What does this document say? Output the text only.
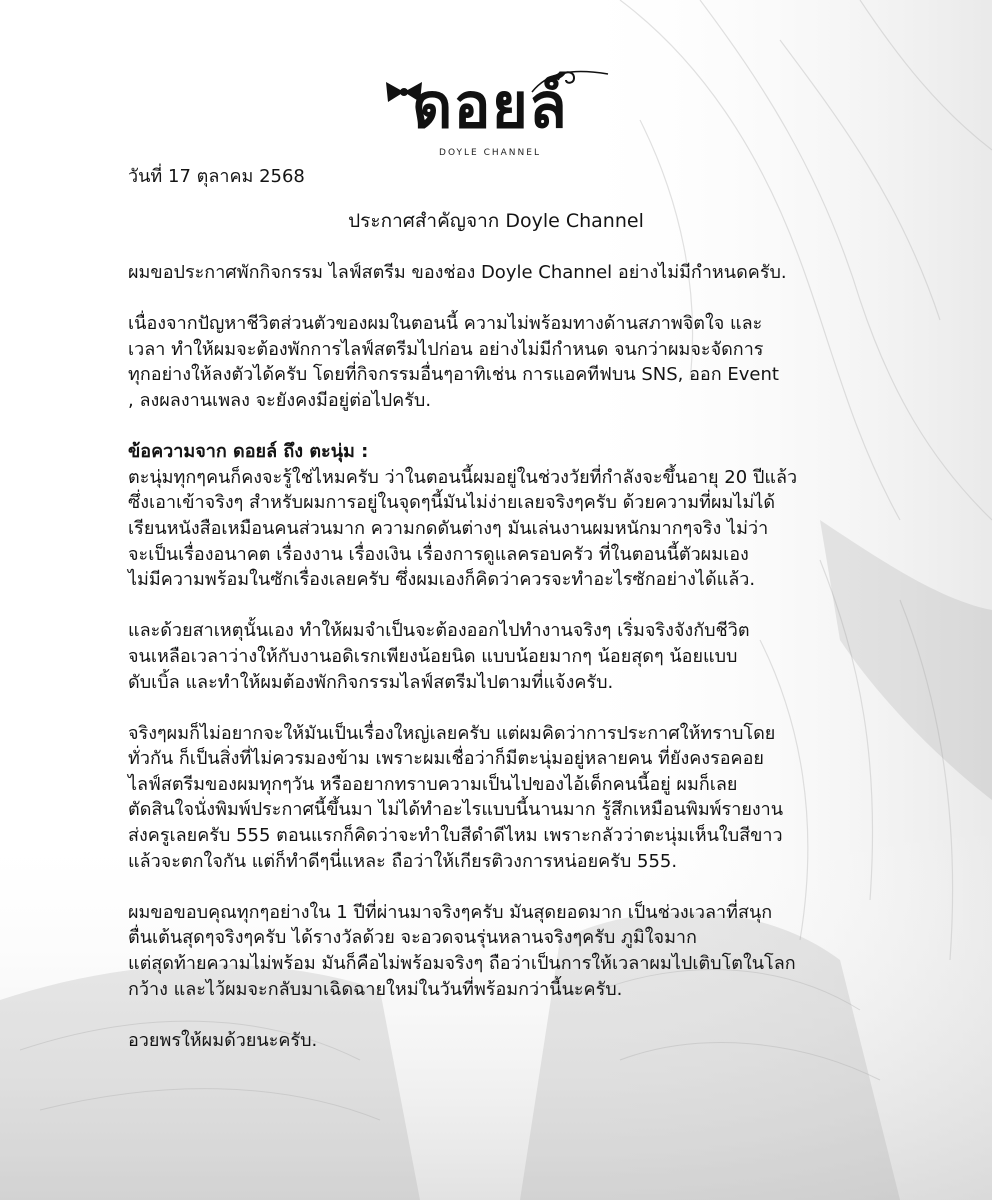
ดอยล์
DOYLE CHANNEL
วันที่ 17 ตุลาคม 2568
ประกาศสำคัญจาก Doyle Channel

ผมขอประกาศพักกิจกรรม ไลฟ์สตรีม ของช่อง Doyle Channel อย่างไม่มีกำหนดครับ.

เนื่องจากปัญหาชีวิตส่วนตัวของผมในตอนนี้ ความไม่พร้อมทางด้านสภาพจิตใจ และ
เวลา ทำให้ผมจะต้องพักการไลฟ์สตรีมไปก่อน อย่างไม่มีกำหนด จนกว่าผมจะจัดการ
ทุกอย่างให้ลงตัวได้ครับ โดยที่กิจกรรมอื่นๆอาทิเช่น การแอคทีฟบน SNS, ออก Event
, ลงผลงานเพลง จะยังคงมีอยู่ต่อไปครับ.

ข้อความจาก ดอยล์ ถึง ตะนุ่ม :
ตะนุ่มทุกๆคนก็คงจะรู้ใช่ไหมครับ ว่าในตอนนี้ผมอยู่ในช่วงวัยที่กำลังจะขึ้นอายุ 20 ปีแล้ว
ซึ่งเอาเข้าจริงๆ สำหรับผมการอยู่ในจุดๆนี้มันไม่ง่ายเลยจริงๆครับ ด้วยความที่ผมไม่ได้
เรียนหนังสือเหมือนคนส่วนมาก ความกดดันต่างๆ มันเล่นงานผมหนักมากๆจริง ไม่ว่า
จะเป็นเรื่องอนาคต เรื่องงาน เรื่องเงิน เรื่องการดูแลครอบครัว ที่ในตอนนี้ตัวผมเอง
ไม่มีความพร้อมในซักเรื่องเลยครับ ซึ่งผมเองก็คิดว่าควรจะทำอะไรซักอย่างได้แล้ว.

และด้วยสาเหตุนั้นเอง ทำให้ผมจำเป็นจะต้องออกไปทำงานจริงๆ เริ่มจริงจังกับชีวิต
จนเหลือเวลาว่างให้กับงานอดิเรกเพียงน้อยนิด แบบน้อยมากๆ น้อยสุดๆ น้อยแบบ
ดับเบิ้ล และทำให้ผมต้องพักกิจกรรมไลฟ์สตรีมไปตามที่แจ้งครับ.

จริงๆผมก็ไม่อยากจะให้มันเป็นเรื่องใหญ่เลยครับ แต่ผมคิดว่าการประกาศให้ทราบโดย
ทั่วกัน ก็เป็นสิ่งที่ไม่ควรมองข้าม เพราะผมเชื่อว่าก็มีตะนุ่มอยู่หลายคน ที่ยังคงรอคอย
ไลฟ์สตรีมของผมทุกๆวัน หรืออยากทราบความเป็นไปของไอ้เด็กคนนี้อยู่ ผมก็เลย
ตัดสินใจนั่งพิมพ์ประกาศนี้ขึ้นมา ไม่ได้ทำอะไรแบบนี้นานมาก รู้สึกเหมือนพิมพ์รายงาน
ส่งครูเลยครับ 555 ตอนแรกก็คิดว่าจะทำใบสีดำดีไหม เพราะกลัวว่าตะนุ่มเห็นใบสีขาว
แล้วจะตกใจกัน แต่ก็ทำดีๆนี่แหละ ถือว่าให้เกียรติวงการหน่อยครับ 555.

ผมขอขอบคุณทุกๆอย่างใน 1 ปีที่ผ่านมาจริงๆครับ มันสุดยอดมาก เป็นช่วงเวลาที่สนุก
ตื่นเต้นสุดๆจริงๆครับ ได้รางวัลด้วย จะอวดจนรุ่นหลานจริงๆครับ ภูมิใจมาก
แต่สุดท้ายความไม่พร้อม มันก็คือไม่พร้อมจริงๆ ถือว่าเป็นการให้เวลาผมไปเติบโตในโลก
กว้าง และไว้ผมจะกลับมาเฉิดฉายใหม่ในวันที่พร้อมกว่านี้นะครับ.

อวยพรให้ผมด้วยนะครับ.
